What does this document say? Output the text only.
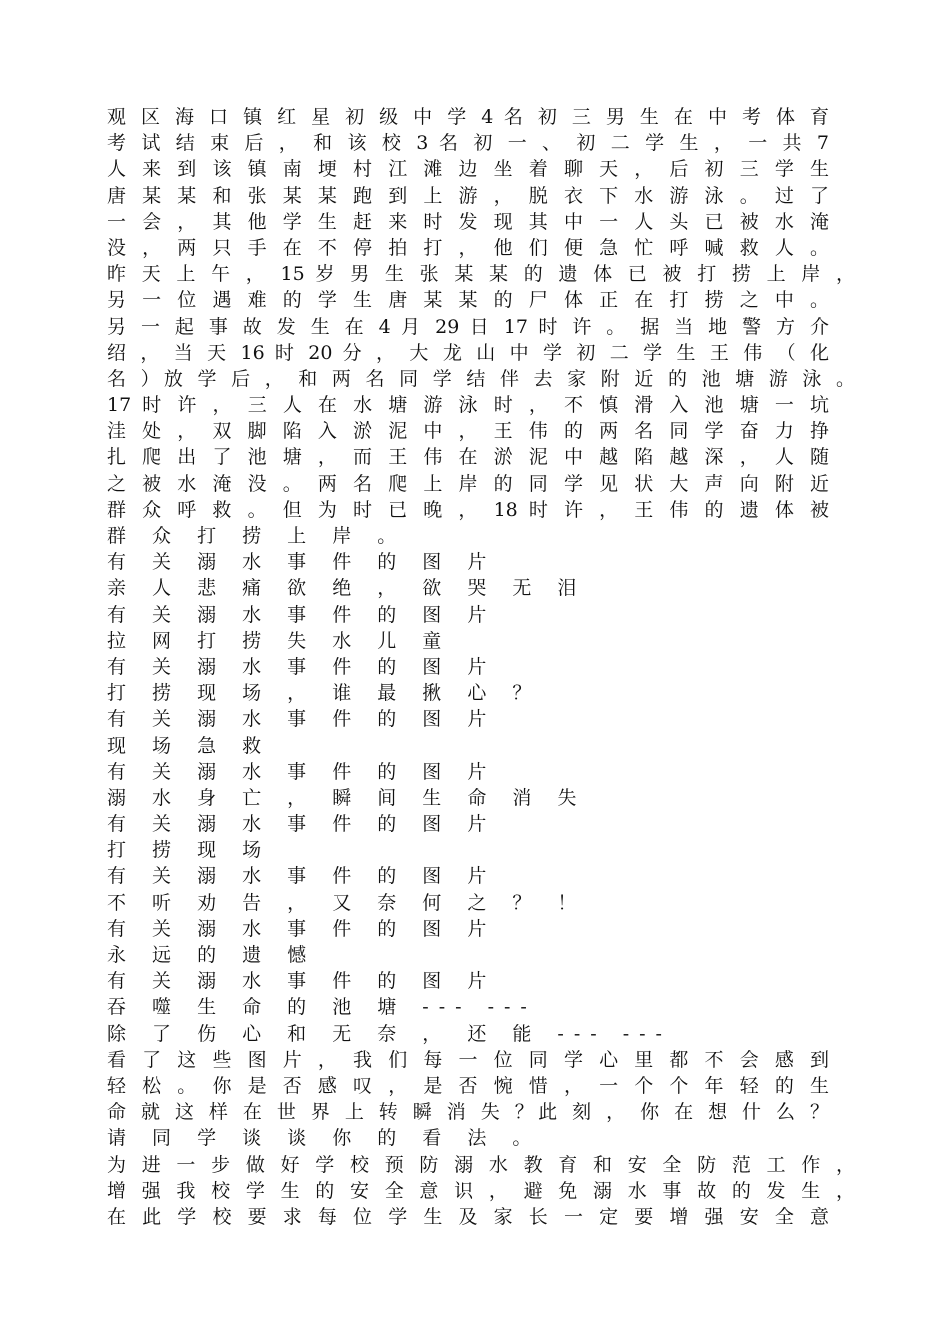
观 区 海 口 镇 红 星 初 级 中 学 4 名 初 三 男 生 在 中 考 体 育
考 试 结 束 后 ， 和 该 校 3 名 初 一 、 初 二 学 生 ， 一 共 7
人 来 到 该 镇 南 埂 村 江 滩 边 坐 着 聊 天 ， 后 初 三 学 生
唐 某 某 和 张 某 某 跑 到 上 游 ， 脱 衣 下 水 游 泳 。 过 了
一 会 ， 其 他 学 生 赶 来 时 发 现 其 中 一 人 头 已 被 水 淹
没 ， 两 只 手 在 不 停 拍 打 ， 他 们 便 急 忙 呼 喊 救 人 。
昨 天 上 午 ， 15 岁 男 生 张 某 某 的 遗 体 已 被 打 捞 上 岸 ，
另 一 位 遇 难 的 学 生 唐 某 某 的 尸 体 正 在 打 捞 之 中 。
另 一 起 事 故 发 生 在 4 月 29 日 17 时 许 。 据 当 地 警 方 介
绍 ， 当 天 16 时 20 分 ， 大 龙 山 中 学 初 二 学 生 王 伟 （ 化
名 ）放 学 后 ， 和 两 名 同 学 结 伴 去 家 附 近 的 池 塘 游 泳 。
17 时 许 ， 三 人 在 水 塘 游 泳 时 ， 不 慎 滑 入 池 塘 一 坑
洼 处 ， 双 脚 陷 入 淤 泥 中 ， 王 伟 的 两 名 同 学 奋 力 挣
扎 爬 出 了 池 塘 ， 而 王 伟 在 淤 泥 中 越 陷 越 深 ， 人 随
之 被 水 淹 没 。 两 名 爬 上 岸 的 同 学 见 状 大 声 向 附 近
群 众 呼 救 。 但 为 时 已 晚 ， 18 时 许 ， 王 伟 的 遗 体 被
群 众 打 捞 上 岸 。
有 关 溺 水 事 件 的 图 片
亲 人 悲 痛 欲 绝 ， 欲 哭 无 泪
有 关 溺 水 事 件 的 图 片
拉 网 打 捞 失 水 儿 童
有 关 溺 水 事 件 的 图 片
打 捞 现 场 ， 谁 最 揪 心 ？
有 关 溺 水 事 件 的 图 片
现 场 急 救
有 关 溺 水 事 件 的 图 片
溺 水 身 亡 ， 瞬 间 生 命 消 失
有 关 溺 水 事 件 的 图 片
打 捞 现 场
有 关 溺 水 事 件 的 图 片
不 听 劝 告 ， 又 奈 何 之 ？ ！
有 关 溺 水 事 件 的 图 片
永 远 的 遗 憾
有 关 溺 水 事 件 的 图 片
吞 噬 生 命 的 池 塘 --- ---
除 了 伤 心 和 无 奈 ， 还 能 --- ---
看 了 这 些 图 片 ， 我 们 每 一 位 同 学 心 里 都 不 会 感 到
轻 松 。 你 是 否 感 叹 ， 是 否 惋 惜 ， 一 个 个 年 轻 的 生
命 就 这 样 在 世 界 上 转 瞬 消 失 ？此 刻 ， 你 在 想 什 么 ？
请 同 学 谈 谈 你 的 看 法 。
为 进 一 步 做 好 学 校 预 防 溺 水 教 育 和 安 全 防 范 工 作 ，
增 强 我 校 学 生 的 安 全 意 识 ， 避 免 溺 水 事 故 的 发 生 ，
在 此 学 校 要 求 每 位 学 生 及 家 长 一 定 要 增 强 安 全 意
